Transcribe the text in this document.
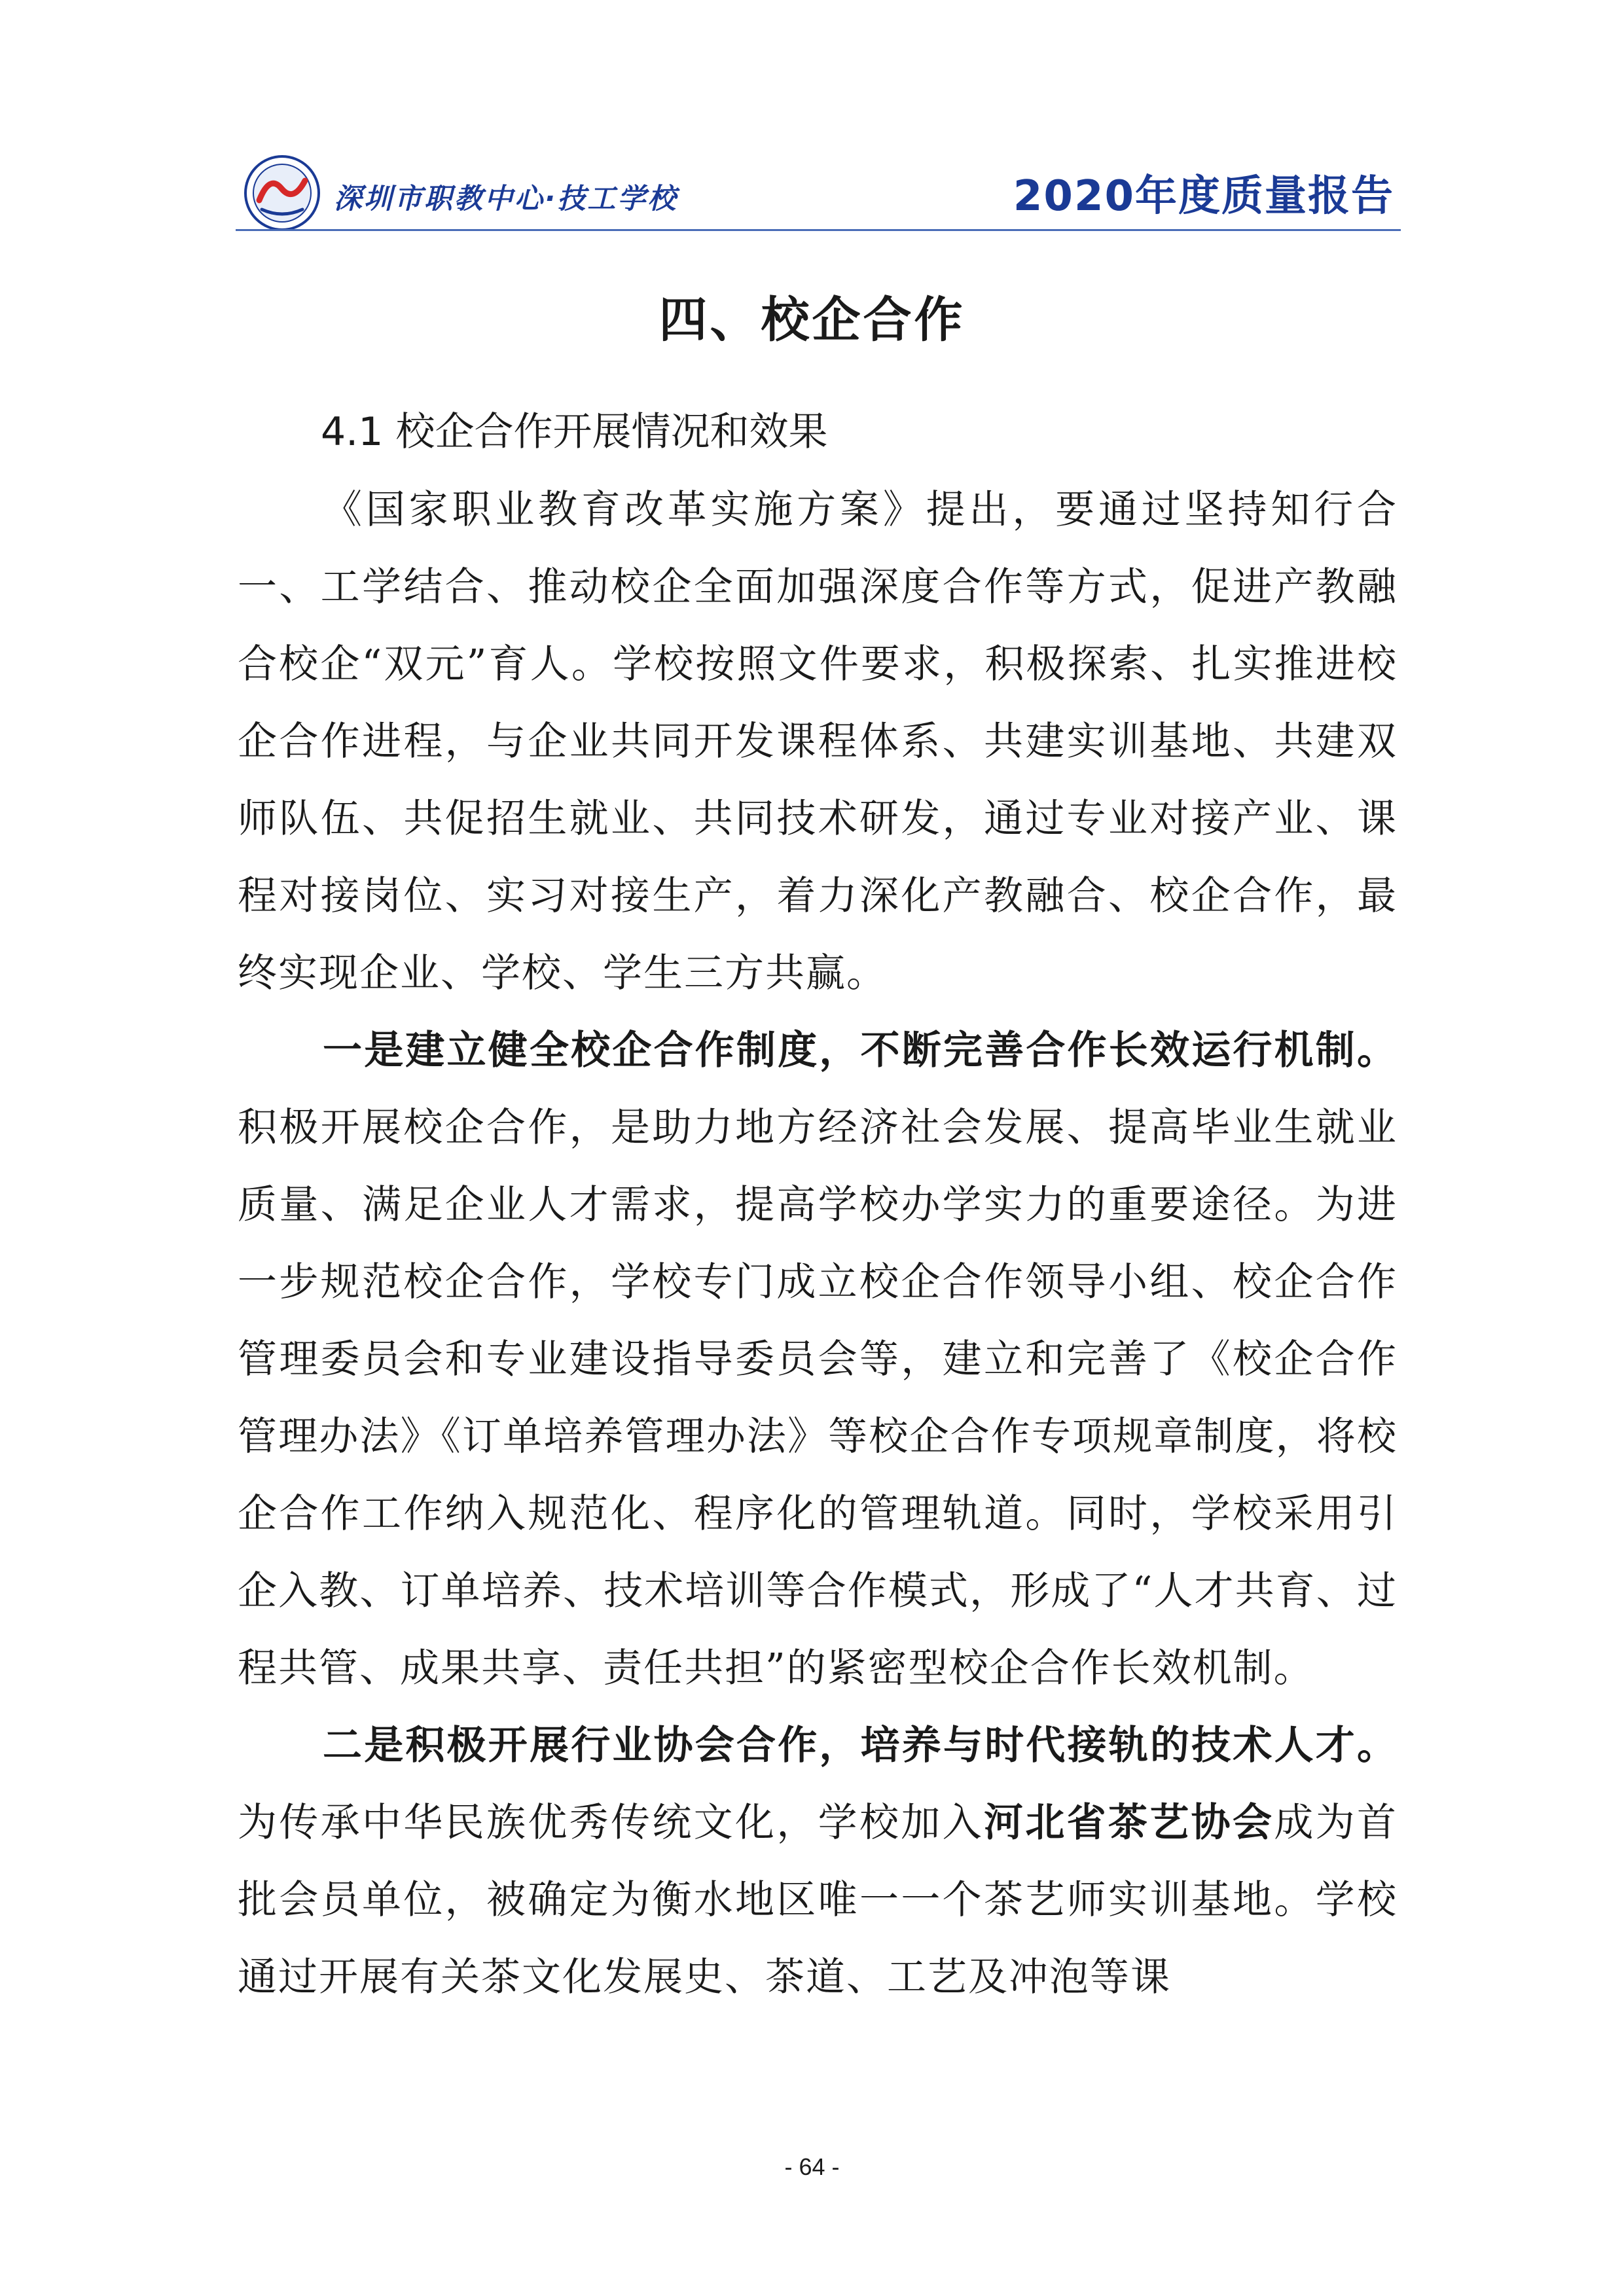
深圳市职教中心·技工学校	2020年度质量报告
四、校企合作
4.1 校企合作开展情况和效果

《国家职业教育改革实施方案》提出，要通过坚持知行合一、工学结合、推动校企全面加强深度合作等方式，促进产教融合校企“双元”育人。学校按照文件要求，积极探索、扎实推进校企合作进程，与企业共同开发课程体系、共建实训基地、共建双师队伍、共促招生就业、共同技术研发，通过专业对接产业、课程对接岗位、实习对接生产，着力深化产教融合、校企合作，最终实现企业、学校、学生三方共赢。

一是建立健全校企合作制度，不断完善合作长效运行机制。积极开展校企合作，是助力地方经济社会发展、提高毕业生就业质量、满足企业人才需求，提高学校办学实力的重要途径。为进一步规范校企合作，学校专门成立校企合作领导小组、校企合作管理委员会和专业建设指导委员会等，建立和完善了《校企合作管理办法》《订单培养管理办法》等校企合作专项规章制度，将校企合作工作纳入规范化、程序化的管理轨道。同时，学校采用引企入教、订单培养、技术培训等合作模式，形成了“人才共育、过程共管、成果共享、责任共担”的紧密型校企合作长效机制。

二是积极开展行业协会合作，培养与时代接轨的技术人才。为传承中华民族优秀传统文化，学校加入河北省茶艺协会成为首批会员单位，被确定为衡水地区唯一一个茶艺师实训基地。学校通过开展有关茶文化发展史、茶道、工艺及冲泡等课

- 64 -
